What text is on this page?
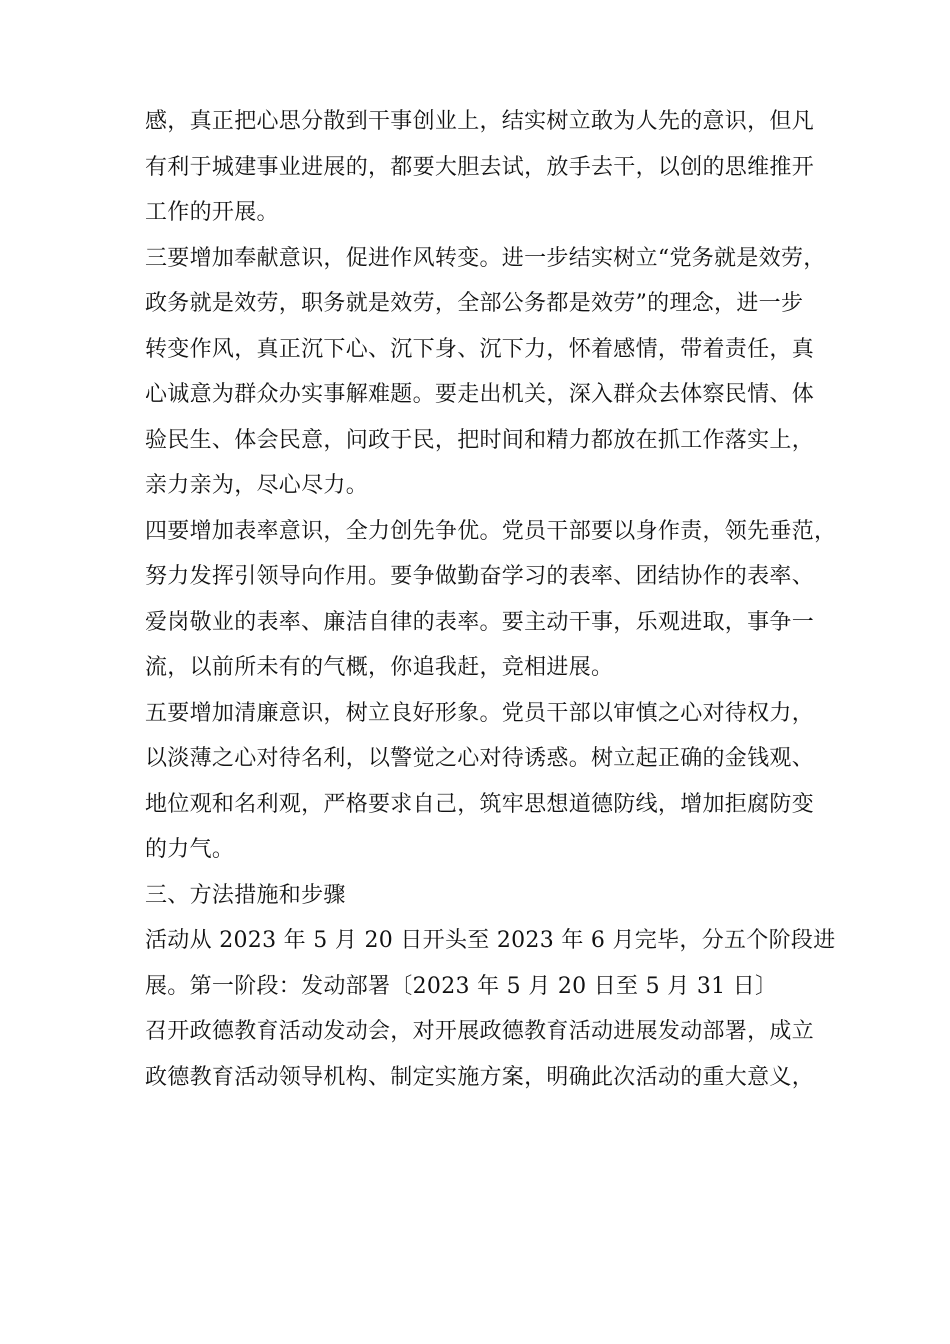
感，真正把心思分散到干事创业上，结实树立敢为人先的意识，但凡
有利于城建事业进展的，都要大胆去试，放手去干，以创的思维推开
工作的开展。
三要增加奉献意识，促进作风转变。进一步结实树立“党务就是效劳，
政务就是效劳，职务就是效劳，全部公务都是效劳”的理念，进一步
转变作风，真正沉下心、沉下身、沉下力，怀着感情，带着责任，真
心诚意为群众办实事解难题。要走出机关，深入群众去体察民情、体
验民生、体会民意，问政于民，把时间和精力都放在抓工作落实上，
亲力亲为，尽心尽力。
四要增加表率意识，全力创先争优。党员干部要以身作责，领先垂范，
努力发挥引领导向作用。要争做勤奋学习的表率、团结协作的表率、
爱岗敬业的表率、廉洁自律的表率。要主动干事，乐观进取，事争一
流，以前所未有的气概，你追我赶，竞相进展。
五要增加清廉意识，树立良好形象。党员干部以审慎之心对待权力，
以淡薄之心对待名利，以警觉之心对待诱惑。树立起正确的金钱观、
地位观和名利观，严格要求自己，筑牢思想道德防线，增加拒腐防变
的力气。
三、方法措施和步骤
活动从 2023 年 5 月 20 日开头至 2023 年 6 月完毕，分五个阶段进
展。第一阶段：发动部署〔2023 年 5 月 20 日至 5 月 31 日〕
召开政德教育活动发动会，对开展政德教育活动进展发动部署，成立
政德教育活动领导机构、制定实施方案，明确此次活动的重大意义，
